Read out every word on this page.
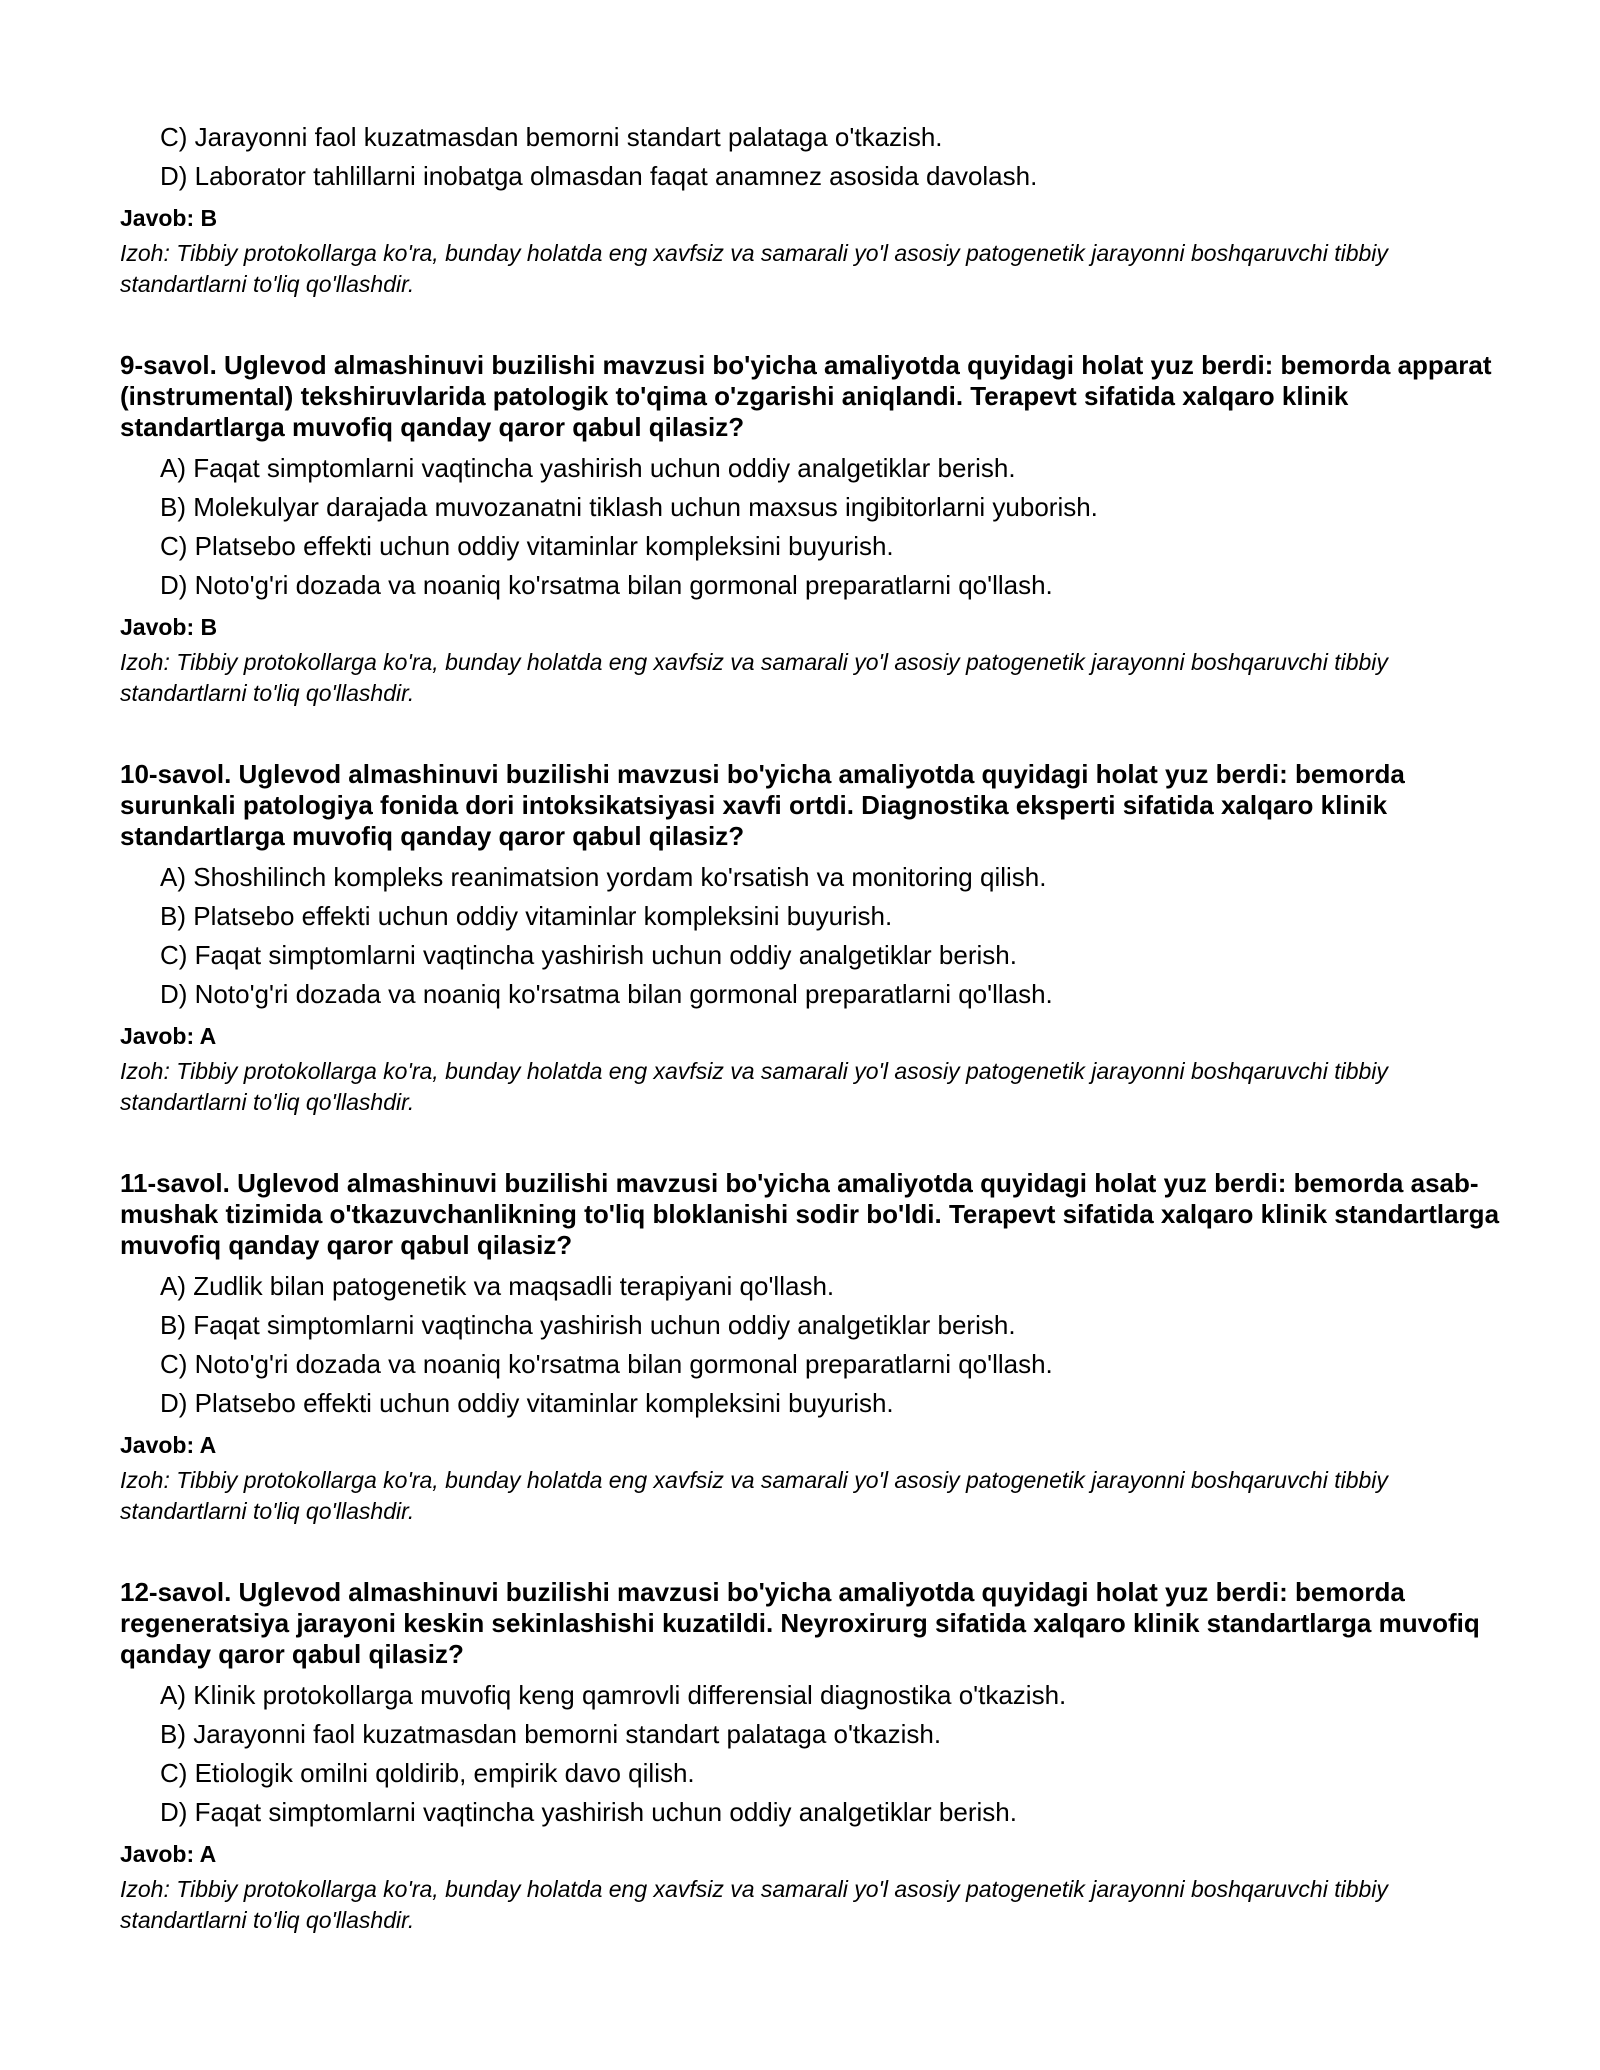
C) Jarayonni faol kuzatmasdan bemorni standart palataga o'tkazish.
D) Laborator tahlillarni inobatga olmasdan faqat anamnez asosida davolash.
Javob: B
Izoh: Tibbiy protokollarga ko'ra, bunday holatda eng xavfsiz va samarali yo'l asosiy patogenetik jarayonni boshqaruvchi tibbiy standartlarni to'liq qo'llashdir.
9-savol. Uglevod almashinuvi buzilishi mavzusi bo'yicha amaliyotda quyidagi holat yuz berdi: bemorda apparat (instrumental) tekshiruvlarida patologik to'qima o'zgarishi aniqlandi. Terapevt sifatida xalqaro klinik standartlarga muvofiq qanday qaror qabul qilasiz?
A) Faqat simptomlarni vaqtincha yashirish uchun oddiy analgetiklar berish.
B) Molekulyar darajada muvozanatni tiklash uchun maxsus ingibitorlarni yuborish.
C) Platsebo effekti uchun oddiy vitaminlar kompleksini buyurish.
D) Noto'g'ri dozada va noaniq ko'rsatma bilan gormonal preparatlarni qo'llash.
Javob: B
Izoh: Tibbiy protokollarga ko'ra, bunday holatda eng xavfsiz va samarali yo'l asosiy patogenetik jarayonni boshqaruvchi tibbiy standartlarni to'liq qo'llashdir.
10-savol. Uglevod almashinuvi buzilishi mavzusi bo'yicha amaliyotda quyidagi holat yuz berdi: bemorda surunkali patologiya fonida dori intoksikatsiyasi xavfi ortdi. Diagnostika eksperti sifatida xalqaro klinik standartlarga muvofiq qanday qaror qabul qilasiz?
A) Shoshilinch kompleks reanimatsion yordam ko'rsatish va monitoring qilish.
B) Platsebo effekti uchun oddiy vitaminlar kompleksini buyurish.
C) Faqat simptomlarni vaqtincha yashirish uchun oddiy analgetiklar berish.
D) Noto'g'ri dozada va noaniq ko'rsatma bilan gormonal preparatlarni qo'llash.
Javob: A
Izoh: Tibbiy protokollarga ko'ra, bunday holatda eng xavfsiz va samarali yo'l asosiy patogenetik jarayonni boshqaruvchi tibbiy standartlarni to'liq qo'llashdir.
11-savol. Uglevod almashinuvi buzilishi mavzusi bo'yicha amaliyotda quyidagi holat yuz berdi: bemorda asab-mushak tizimida o'tkazuvchanlikning to'liq bloklanishi sodir bo'ldi. Terapevt sifatida xalqaro klinik standartlarga muvofiq qanday qaror qabul qilasiz?
A) Zudlik bilan patogenetik va maqsadli terapiyani qo'llash.
B) Faqat simptomlarni vaqtincha yashirish uchun oddiy analgetiklar berish.
C) Noto'g'ri dozada va noaniq ko'rsatma bilan gormonal preparatlarni qo'llash.
D) Platsebo effekti uchun oddiy vitaminlar kompleksini buyurish.
Javob: A
Izoh: Tibbiy protokollarga ko'ra, bunday holatda eng xavfsiz va samarali yo'l asosiy patogenetik jarayonni boshqaruvchi tibbiy standartlarni to'liq qo'llashdir.
12-savol. Uglevod almashinuvi buzilishi mavzusi bo'yicha amaliyotda quyidagi holat yuz berdi: bemorda regeneratsiya jarayoni keskin sekinlashishi kuzatildi. Neyroxirurg sifatida xalqaro klinik standartlarga muvofiq qanday qaror qabul qilasiz?
A) Klinik protokollarga muvofiq keng qamrovli differensial diagnostika o'tkazish.
B) Jarayonni faol kuzatmasdan bemorni standart palataga o'tkazish.
C) Etiologik omilni qoldirib, empirik davo qilish.
D) Faqat simptomlarni vaqtincha yashirish uchun oddiy analgetiklar berish.
Javob: A
Izoh: Tibbiy protokollarga ko'ra, bunday holatda eng xavfsiz va samarali yo'l asosiy patogenetik jarayonni boshqaruvchi tibbiy standartlarni to'liq qo'llashdir.
